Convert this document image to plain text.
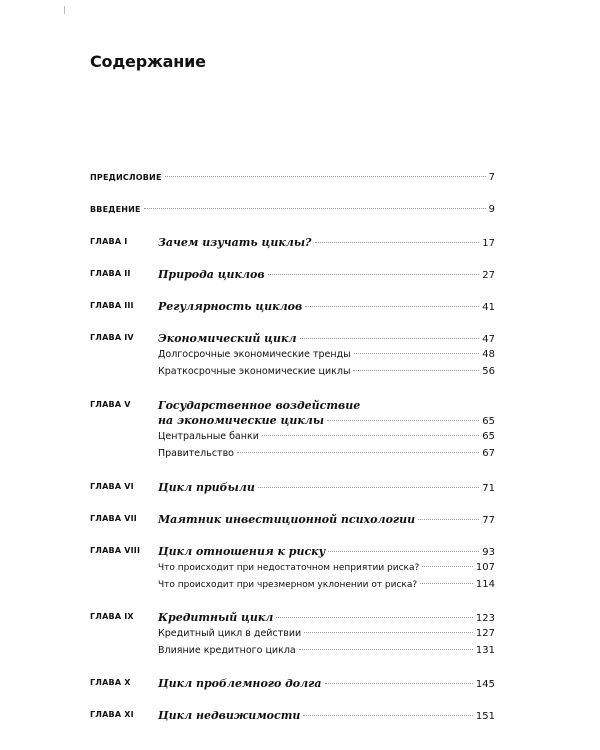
Содержание
ПРЕДИСЛОВИЕ	7
ВВЕДЕНИЕ	9
ГЛАВА I	Зачем изучать циклы?	17
ГЛАВА II Природа циклов	27
ГЛАВА III Регулярность циклов	41
ГЛАВА IV Экономический цикл	47
Долгосрочные экономические тренды	48
Краткосрочные экономические циклы	56
ГЛАВА V Государственное воздействие
на экономические циклы	65
Центральные банки	65
Правительство	67
ГЛАВА VI Цикл прибыли	71
ГЛАВА VII Маятник инвестиционной психологии	77
ГЛАВА VIII Цикл отношения к риску	93
Что происходит при недостаточном неприятии риска?	107
Что происходит при чрезмерном уклонении от риска?	114
ГЛАВА IX Кредитный цикл	123
Кредитный цикл в действии	127
Влияние кредитного цикла	131
ГЛАВА X Цикл проблемного долга	145
ГЛАВА XI Цикл недвижимости	151
